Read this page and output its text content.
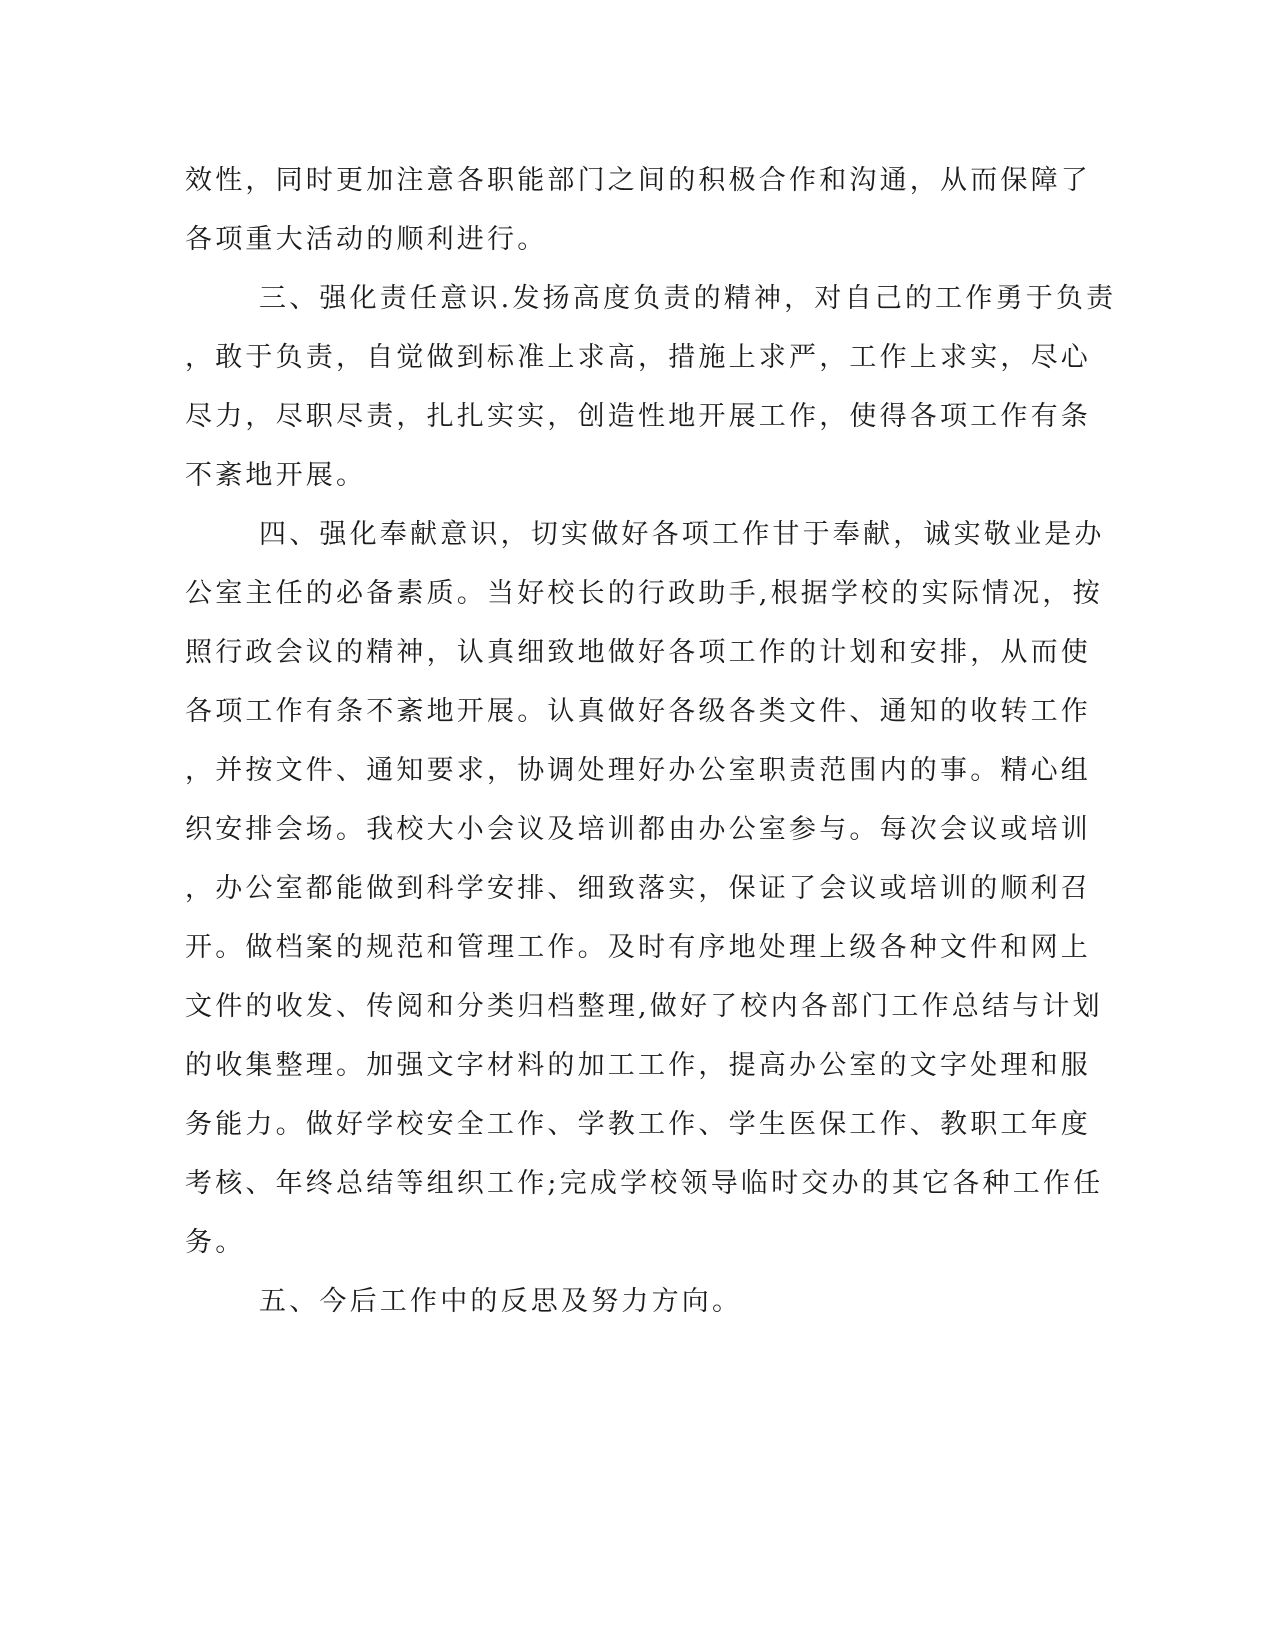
效性，同时更加注意各职能部门之间的积极合作和沟通，从而保障了
各项重大活动的顺利进行。
三、强化责任意识.发扬高度负责的精神，对自己的工作勇于负责
，敢于负责，自觉做到标准上求高，措施上求严，工作上求实，尽心
尽力，尽职尽责，扎扎实实，创造性地开展工作，使得各项工作有条
不紊地开展。
四、强化奉献意识，切实做好各项工作甘于奉献，诚实敬业是办
公室主任的必备素质。当好校长的行政助手,根据学校的实际情况，按
照行政会议的精神，认真细致地做好各项工作的计划和安排，从而使
各项工作有条不紊地开展。认真做好各级各类文件、通知的收转工作
，并按文件、通知要求，协调处理好办公室职责范围内的事。精心组
织安排会场。我校大小会议及培训都由办公室参与。每次会议或培训
，办公室都能做到科学安排、细致落实，保证了会议或培训的顺利召
开。做档案的规范和管理工作。及时有序地处理上级各种文件和网上
文件的收发、传阅和分类归档整理,做好了校内各部门工作总结与计划
的收集整理。加强文字材料的加工工作，提高办公室的文字处理和服
务能力。做好学校安全工作、学教工作、学生医保工作、教职工年度
考核、年终总结等组织工作;完成学校领导临时交办的其它各种工作任
务。
五、今后工作中的反思及努力方向。
